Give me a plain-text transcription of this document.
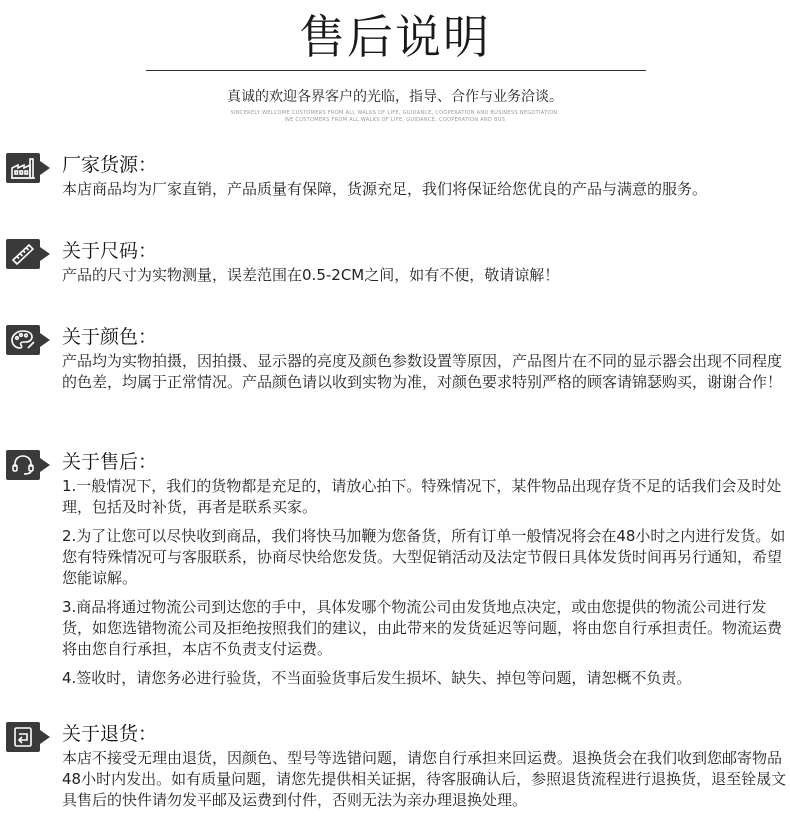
售后说明
真诚的欢迎各界客户的光临，指导、合作与业务洽谈。
SINCERELY WELCOME CUSTOMERS FROM ALL WALKS OF LIFE, GUIDANCE, COOPERATION AND BUSINESS NEGOTIATION.
WE CUSTOMERS FROM ALL WALKS OF LIFE, GUIDANCE, COOPERATION AND BUS
厂家货源：

本店商品均为厂家直销，产品质量有保障，货源充足，我们将保证给您优良的产品与满意的服务。

关于尺码：

产品的尺寸为实物测量，误差范围在0.5-2CM之间，如有不便，敬请谅解！

关于颜色：

产品均为实物拍摄，因拍摄、显示器的亮度及颜色参数设置等原因，产品图片在不同的显示器会出现不同程度的色差，均属于正常情况。产品颜色请以收到实物为准，对颜色要求特别严格的顾客请锦瑟购买，谢谢合作！

关于售后：

1.一般情况下，我们的货物都是充足的，请放心拍下。特殊情况下，某件物品出现存货不足的话我们会及时处理，包括及时补货，再者是联系买家。

2.为了让您可以尽快收到商品，我们将快马加鞭为您备货，所有订单一般情况将会在48小时之内进行发货。如您有特殊情况可与客服联系，协商尽快给您发货。大型促销活动及法定节假日具体发货时间再另行通知，希望您能谅解。

3.商品将通过物流公司到达您的手中，具体发哪个物流公司由发货地点决定，或由您提供的物流公司进行发货，如您选错物流公司及拒绝按照我们的建议，由此带来的发货延迟等问题，将由您自行承担责任。物流运费将由您自行承担，本店不负责支付运费。

4.签收时，请您务必进行验货，不当面验货事后发生损坏、缺失、掉包等问题，请恕概不负责。

关于退货：

本店不接受无理由退货，因颜色、型号等选错问题，请您自行承担来回运费。退换货会在我们收到您邮寄物品48小时内发出。如有质量问题，请您先提供相关证据，待客服确认后，参照退货流程进行退换货，退至铨晟文具售后的快件请勿发平邮及运费到付件，否则无法为亲办理退换处理。
